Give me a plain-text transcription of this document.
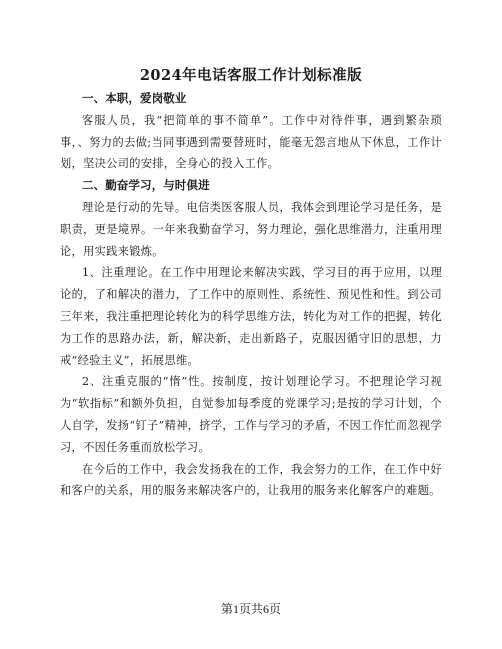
2024年电话客服工作计划标准版
一、本职，爱岗敬业
客服人员，我“把简单的事不简单”。工作中对待件事，遇到繁杂琐事，、努力的去做;当同事遇到需要替班时，能毫无怨言地从下休息，工作计划，坚决公司的安排，全身心的投入工作。
二、勤奋学习，与时俱进
理论是行动的先导。电信类医客服人员，我体会到理论学习是任务，是职责，更是境界。一年来我勤奋学习，努力理论，强化思维潜力，注重用理论，用实践来锻炼。
1、注重理论。在工作中用理论来解决实践，学习目的再于应用，以理论的，了和解决的潜力，了工作中的原则性、系统性、预见性和性。到公司三年来，我注重把理论转化为的科学思维方法，转化为对工作的把握，转化为工作的思路办法，新，解决新，走出新路子，克服因循守旧的思想，力戒“经验主义”，拓展思维。
2、注重克服的“惰”性。按制度，按计划理论学习。不把理论学习视为“软指标”和额外负担，自觉参加每季度的党课学习;是按的学习计划，个人自学，发扬“钉子”精神，挤学，工作与学习的矛盾，不因工作忙而忽视学习，不因任务重而放松学习。
在今后的工作中，我会发扬我在的工作，我会努力的工作，在工作中好和客户的关系，用的服务来解决客户的，让我用的服务来化解客户的难题。
第1页共6页
